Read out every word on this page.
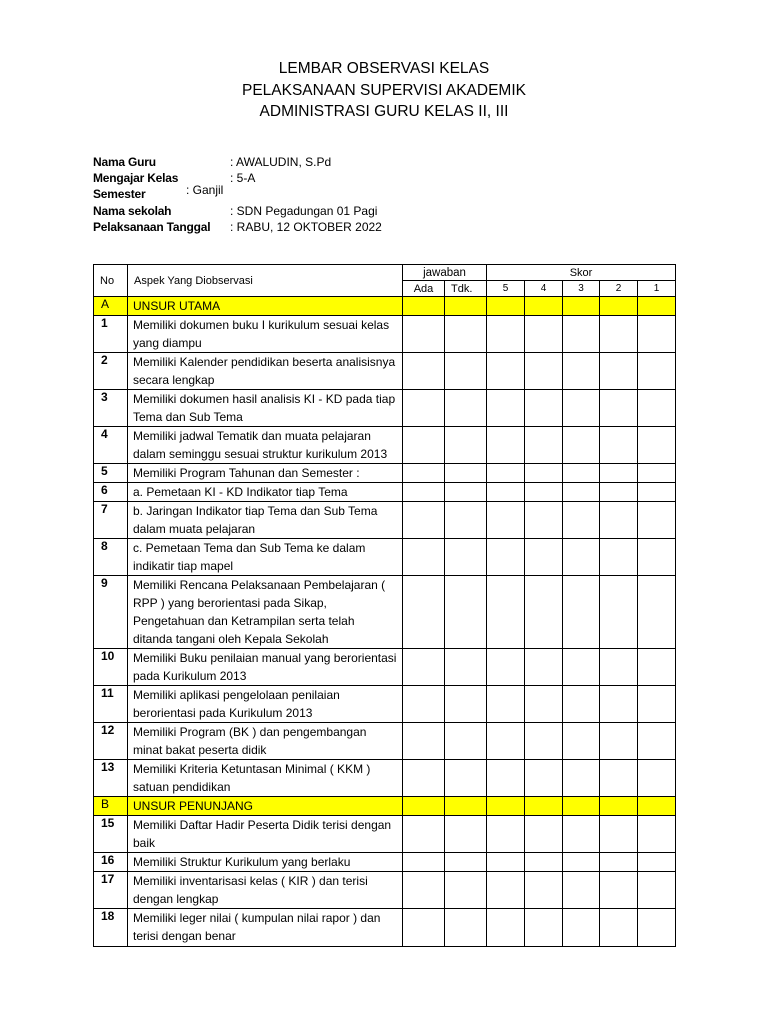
LEMBAR OBSERVASI KELAS
PELAKSANAAN SUPERVISI AKADEMIK
ADMINISTRASI GURU KELAS II, III
Nama Guru	: AWALUDIN, S.Pd
Mengajar Kelas	: 5-A
Semester	: Ganjil
Nama sekolah	: SDN Pegadungan 01 Pagi
Pelaksanaan Tanggal : RABU, 12 OKTOBER 2022
No	Aspek Yang Diobservasi	jawaban		Skor				
		Ada	Tdk.	5	4	3	2	1
A	UNSUR UTAMA							
1	Memiliki dokumen buku I kurikulum sesuai kelas yang diampu							
2	Memiliki Kalender pendidikan beserta analisisnya secara lengkap							
3	Memiliki dokumen hasil analisis KI - KD pada tiap Tema dan Sub Tema							
4	Memiliki jadwal Tematik dan muata pelajaran dalam seminggu sesuai struktur kurikulum 2013							
5	Memiliki Program Tahunan dan Semester :							
6	a. Pemetaan KI - KD Indikator tiap Tema							
7	b. Jaringan Indikator tiap Tema dan Sub Tema dalam muata pelajaran							
8	c. Pemetaan Tema dan Sub Tema ke dalam indikatir tiap mapel							
9	Memiliki Rencana Pelaksanaan Pembelajaran ( RPP ) yang berorientasi pada Sikap, Pengetahuan dan Ketrampilan serta telah ditanda tangani oleh Kepala Sekolah							
10	Memiliki Buku penilaian manual yang berorientasi pada Kurikulum 2013							
11	Memiliki aplikasi pengelolaan penilaian berorientasi pada Kurikulum 2013							
12	Memiliki Program (BK ) dan pengembangan minat bakat peserta didik							
13	Memiliki Kriteria Ketuntasan Minimal ( KKM ) satuan pendidikan							
B	UNSUR PENUNJANG							
15	Memiliki Daftar Hadir Peserta Didik terisi dengan baik							
16	Memiliki Struktur Kurikulum yang berlaku							
17	Memiliki inventarisasi kelas ( KIR ) dan terisi dengan lengkap							
18	Memiliki leger nilai ( kumpulan nilai rapor ) dan terisi dengan benar							
